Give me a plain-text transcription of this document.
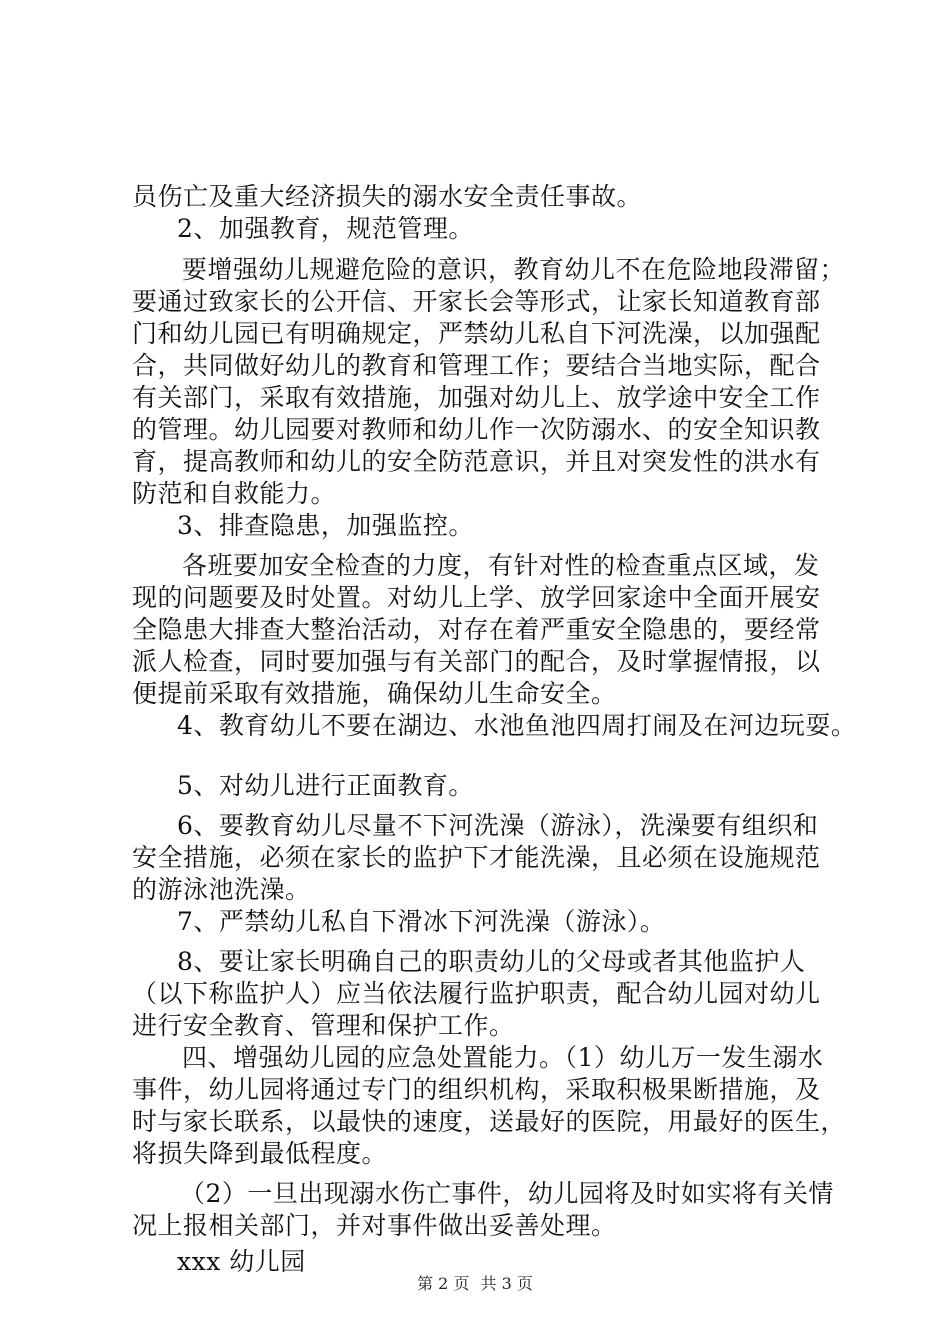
员伤亡及重大经济损失的溺水安全责任事故。
2、加强教育，规范管理。
要增强幼儿规避危险的意识，教育幼儿不在危险地段滞留；
要通过致家长的公开信、开家长会等形式，让家长知道教育部
门和幼儿园已有明确规定，严禁幼儿私自下河洗澡，以加强配
合，共同做好幼儿的教育和管理工作；要结合当地实际，配合
有关部门，采取有效措施，加强对幼儿上、放学途中安全工作
的管理。幼儿园要对教师和幼儿作一次防溺水、的安全知识教
育，提高教师和幼儿的安全防范意识，并且对突发性的洪水有
防范和自救能力。
3、排查隐患，加强监控。
各班要加安全检查的力度，有针对性的检查重点区域，发
现的问题要及时处置。对幼儿上学、放学回家途中全面开展安
全隐患大排查大整治活动，对存在着严重安全隐患的，要经常
派人检查，同时要加强与有关部门的配合，及时掌握情报，以
便提前采取有效措施，确保幼儿生命安全。
4、教育幼儿不要在湖边、水池鱼池四周打闹及在河边玩耍。
5、对幼儿进行正面教育。
6、要教育幼儿尽量不下河洗澡（游泳），洗澡要有组织和
安全措施，必须在家长的监护下才能洗澡，且必须在设施规范
的游泳池洗澡。
7、严禁幼儿私自下滑冰下河洗澡（游泳）。
8、要让家长明确自己的职责幼儿的父母或者其他监护人
（以下称监护人）应当依法履行监护职责，配合幼儿园对幼儿
进行安全教育、管理和保护工作。
四、增强幼儿园的应急处置能力。（1）幼儿万一发生溺水
事件，幼儿园将通过专门的组织机构，采取积极果断措施，及
时与家长联系，以最快的速度，送最好的医院，用最好的医生，
将损失降到最低程度。
（2）一旦出现溺水伤亡事件，幼儿园将及时如实将有关情
况上报相关部门，并对事件做出妥善处理。
xxx 幼儿园
第 2 页 共 3 页
